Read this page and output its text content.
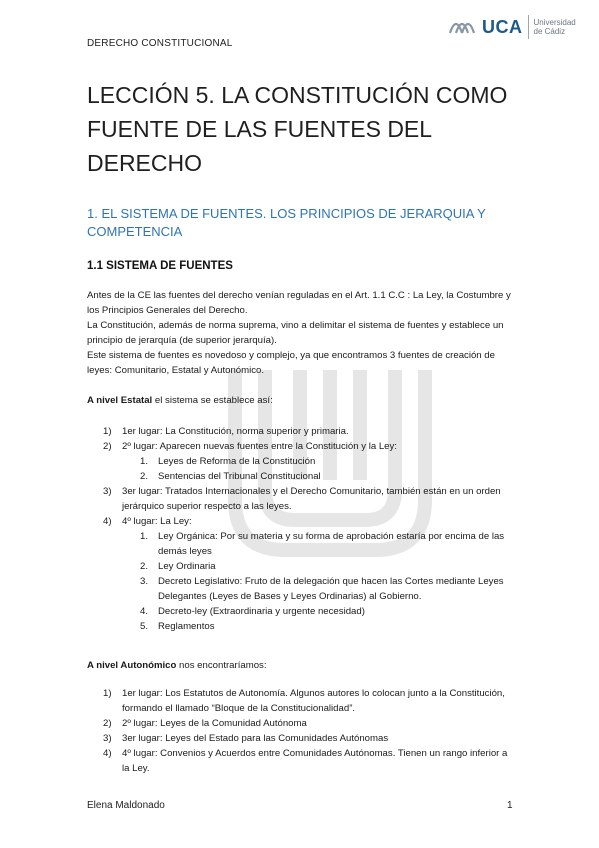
DERECHO CONSTITUCIONAL
UCA Universidad
de Cádiz
LECCIÓN 5. LA CONSTITUCIÓN COMO FUENTE DE LAS FUENTES DEL DERECHO
1. EL SISTEMA DE FUENTES. LOS PRINCIPIOS DE JERARQUIA Y COMPETENCIA
1.1 SISTEMA DE FUENTES
Antes de la CE las fuentes del derecho venían reguladas en el Art. 1.1 C.C : La Ley, la Costumbre y los Principios Generales del Derecho.
La Constitución, además de norma suprema, vino a delimitar el sistema de fuentes y establece un principio de jerarquía (de superior jerarquía).
Este sistema de fuentes es novedoso y complejo, ya que encontramos 3 fuentes de creación de leyes: Comunitario, Estatal y Autonómico.
A nivel Estatal el sistema se establece así:
1) 1er lugar: La Constitución, norma superior y primaria.
2) 2º lugar: Aparecen nuevas fuentes entre la Constitución y la Ley:
1. Leyes de Reforma de la Constitución
2. Sentencias del Tribunal Constitucional
3) 3er lugar: Tratados Internacionales y el Derecho Comunitario, también están en un orden jerárquico superior respecto a las leyes.
4) 4º lugar: La Ley:
1. Ley Orgánica: Por su materia y su forma de aprobación estaría por encima de las demás leyes
2. Ley Ordinaria
3. Decreto Legislativo: Fruto de la delegación que hacen las Cortes mediante Leyes Delegantes (Leyes de Bases y Leyes Ordinarias) al Gobierno.
4. Decreto-ley (Extraordinaria y urgente necesidad)
5. Reglamentos
A nivel Autonómico nos encontraríamos:
1) 1er lugar: Los Estatutos de Autonomía. Algunos autores lo colocan junto a la Constitución, formando el llamado “Bloque de la Constitucionalidad”.
2) 2º lugar: Leyes de la Comunidad Autónoma
3) 3er lugar: Leyes del Estado para las Comunidades Autónomas
4) 4º lugar: Convenios y Acuerdos entre Comunidades Autónomas. Tienen un rango inferior a la Ley.
Elena Maldonado	1
